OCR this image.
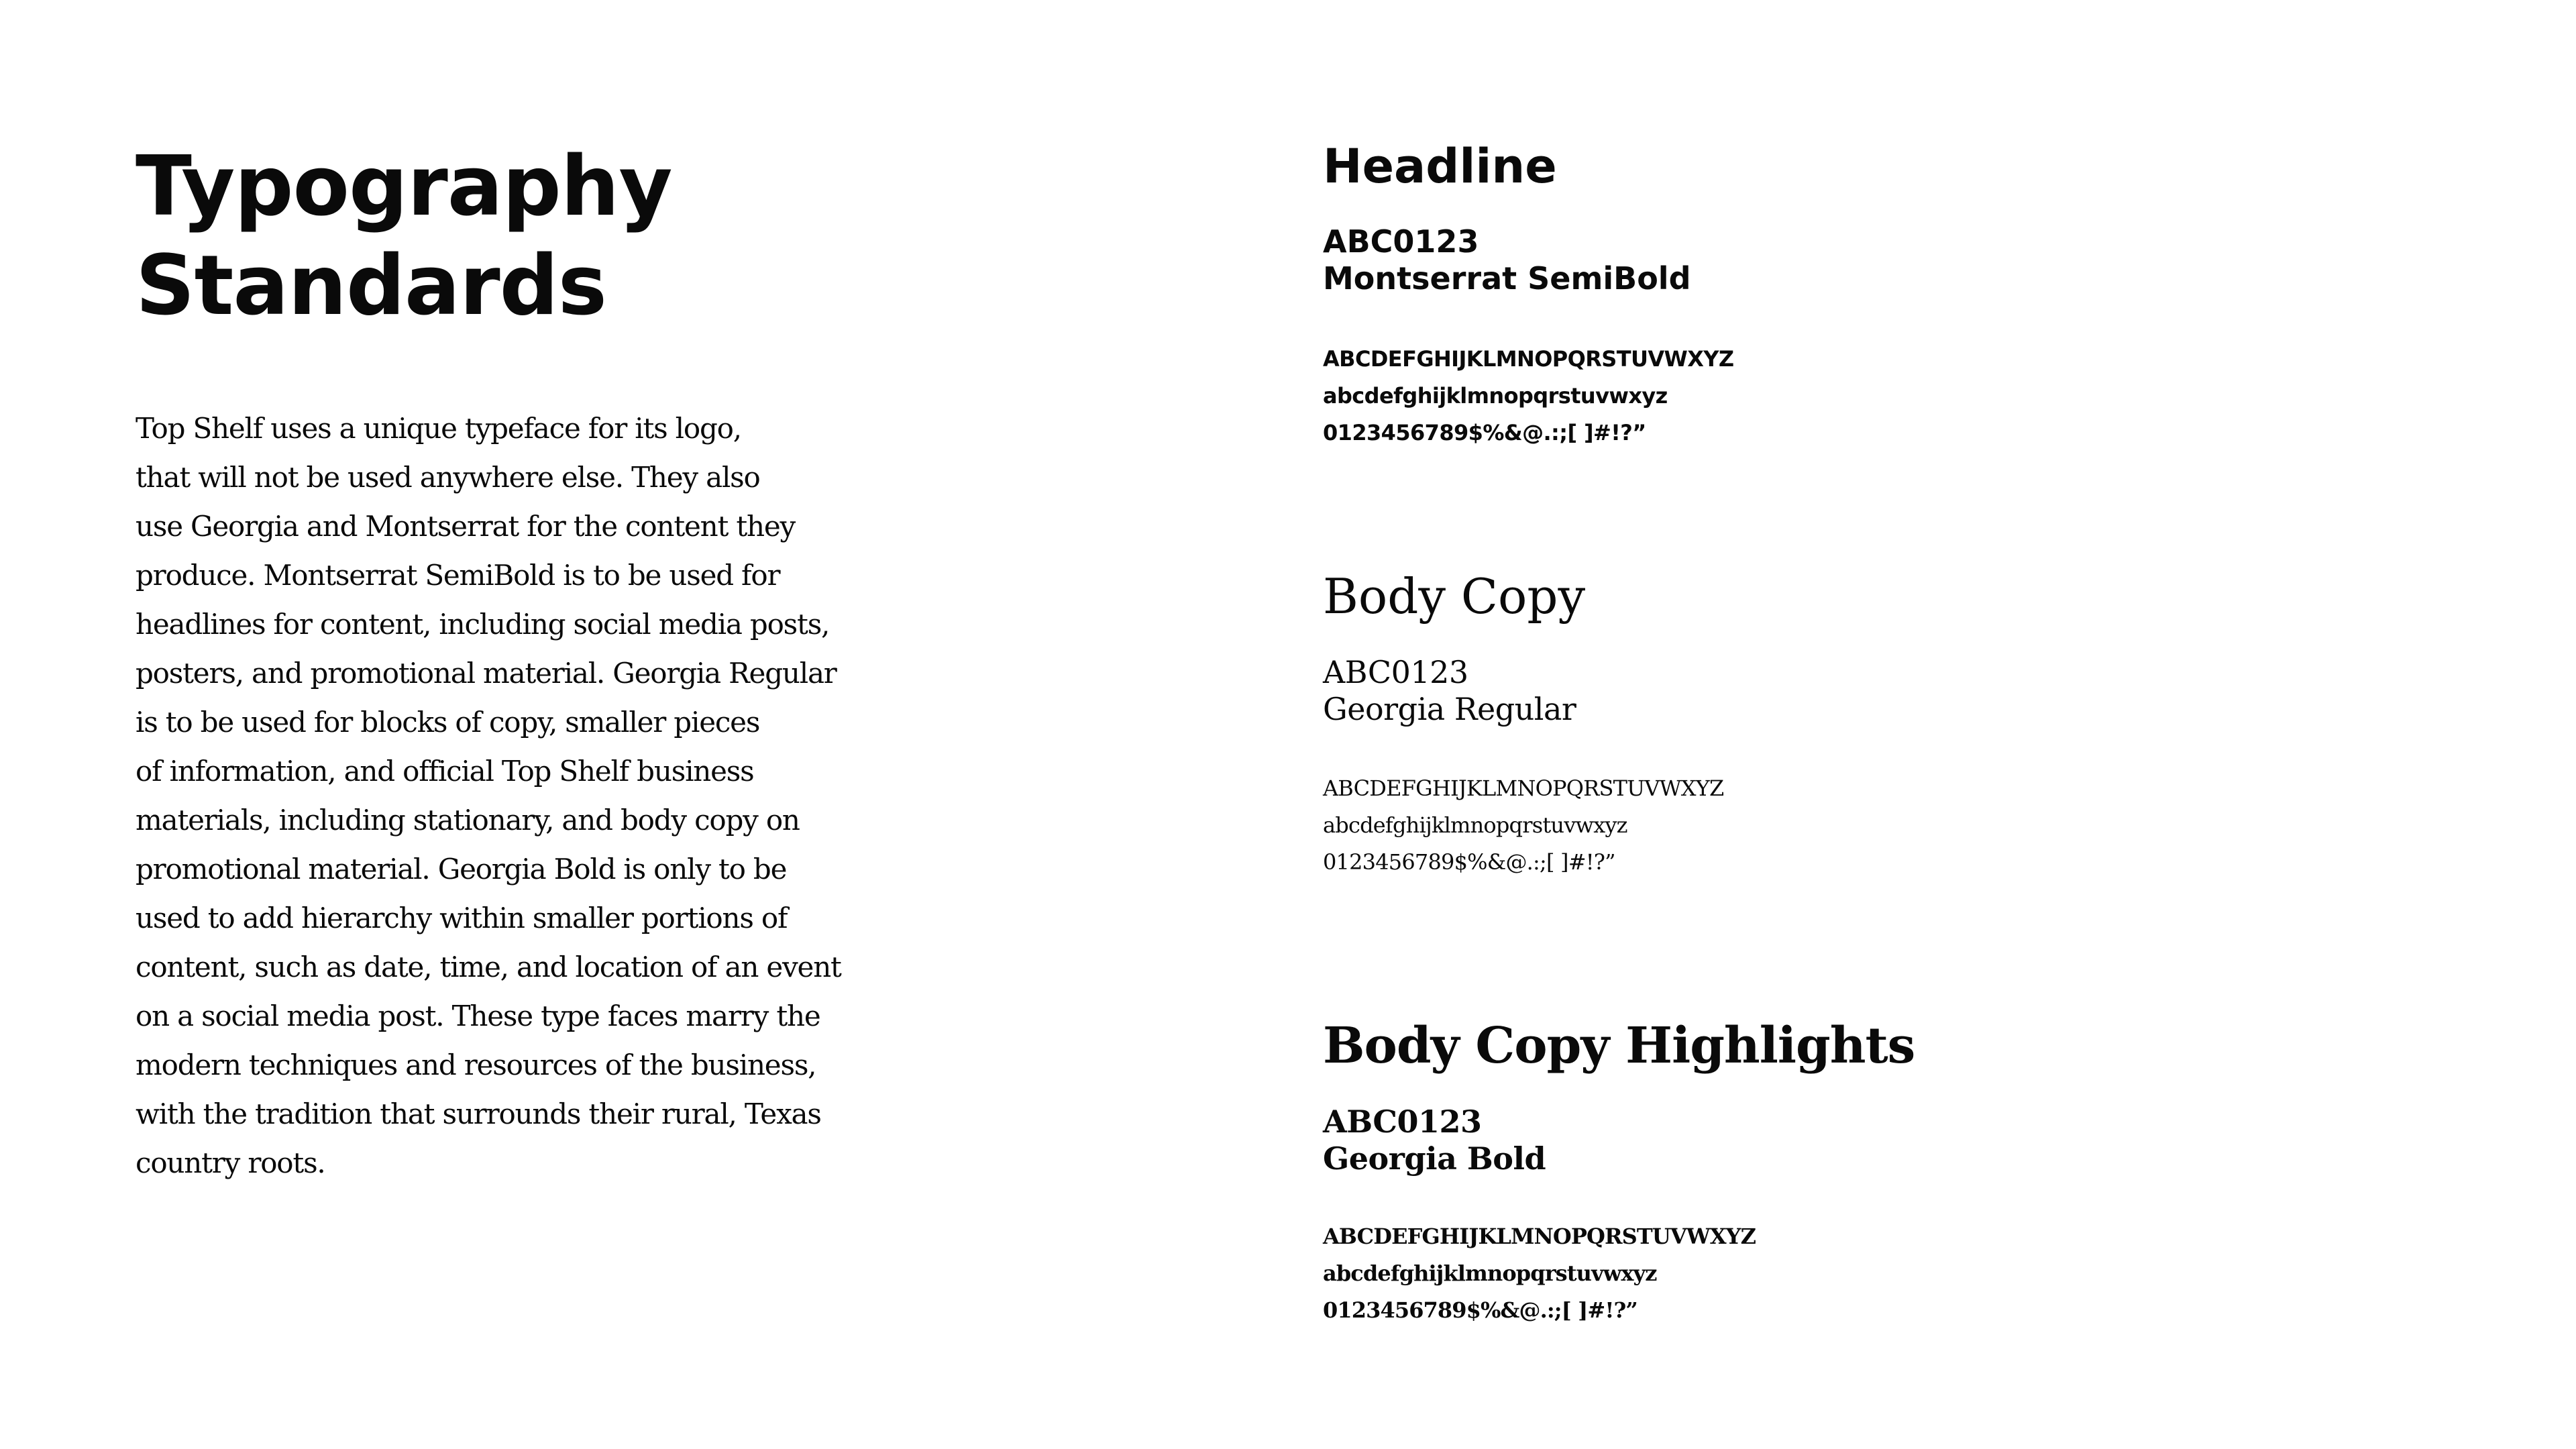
Typography
Standards
Top Shelf uses a unique typeface for its logo,
that will not be used anywhere else. They also
use Georgia and Montserrat for the content they
produce. Montserrat SemiBold is to be used for
headlines for content, including social media posts,
posters, and promotional material. Georgia Regular
is to be used for blocks of copy, smaller pieces
of information, and official Top Shelf business
materials, including stationary, and body copy on
promotional material. Georgia Bold is only to be
used to add hierarchy within smaller portions of
content, such as date, time, and location of an event
on a social media post. These type faces marry the
modern techniques and resources of the business,
with the tradition that surrounds their rural, Texas
country roots.
Headline
ABC0123
Montserrat SemiBold
ABCDEFGHIJKLMNOPQRSTUVWXYZ
abcdefghijklmnopqrstuvwxyz
0123456789$%&@.:;[ ]#!?”
Body Copy
ABC0123
Georgia Regular
ABCDEFGHIJKLMNOPQRSTUVWXYZ
abcdefghijklmnopqrstuvwxyz
0123456789$%&@.:;[ ]#!?”
Body Copy Highlights
ABC0123
Georgia Bold
ABCDEFGHIJKLMNOPQRSTUVWXYZ
abcdefghijklmnopqrstuvwxyz
0123456789$%&@.:;[ ]#!?”
